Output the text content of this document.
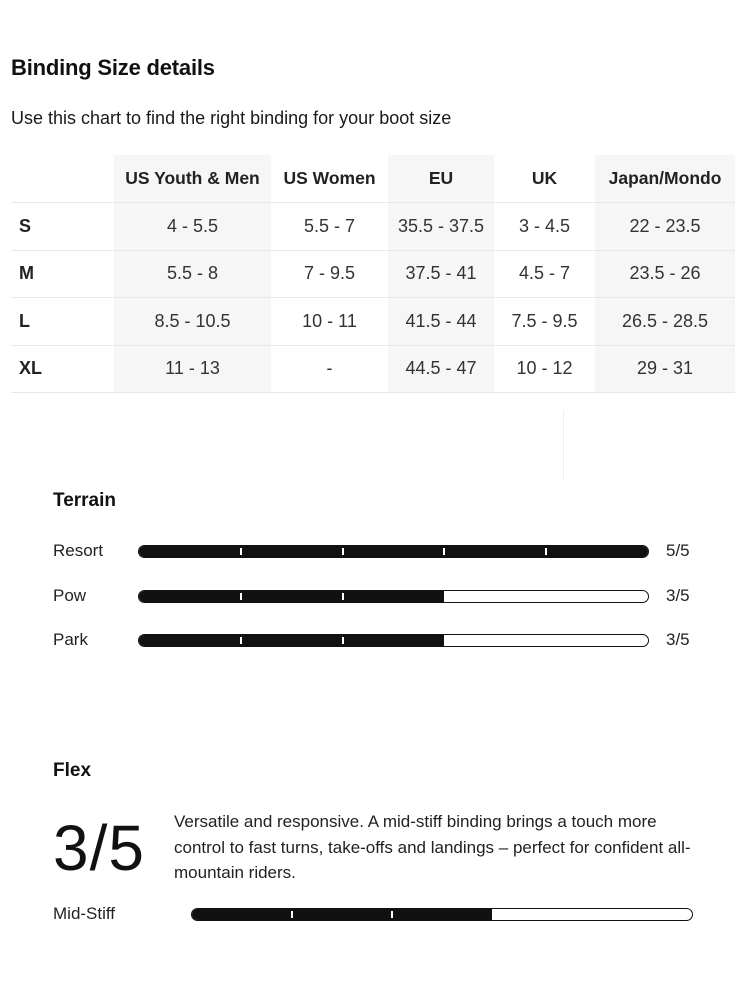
Binding Size details

Use this chart to find the right binding for your boot size

	US Youth & Men	US Women	EU	UK	Japan/Mondo
S	4 - 5.5	5.5 - 7	35.5 - 37.5	3 - 4.5	22 - 23.5
M	5.5 - 8	7 - 9.5	37.5 - 41	4.5 - 7	23.5 - 26
L	8.5 - 10.5	10 - 11	41.5 - 44	7.5 - 9.5	26.5 - 28.5
XL	11 - 13	-	44.5 - 47	10 - 12	29 - 31
Terrain
Resort	5/5
Pow	3/5
Park	3/5
Flex
3/5 Versatile and responsive. A mid-stiff binding brings a touch more control to fast turns, take-offs and landings – perfect for confident all-mountain riders.

Mid-Stiff
